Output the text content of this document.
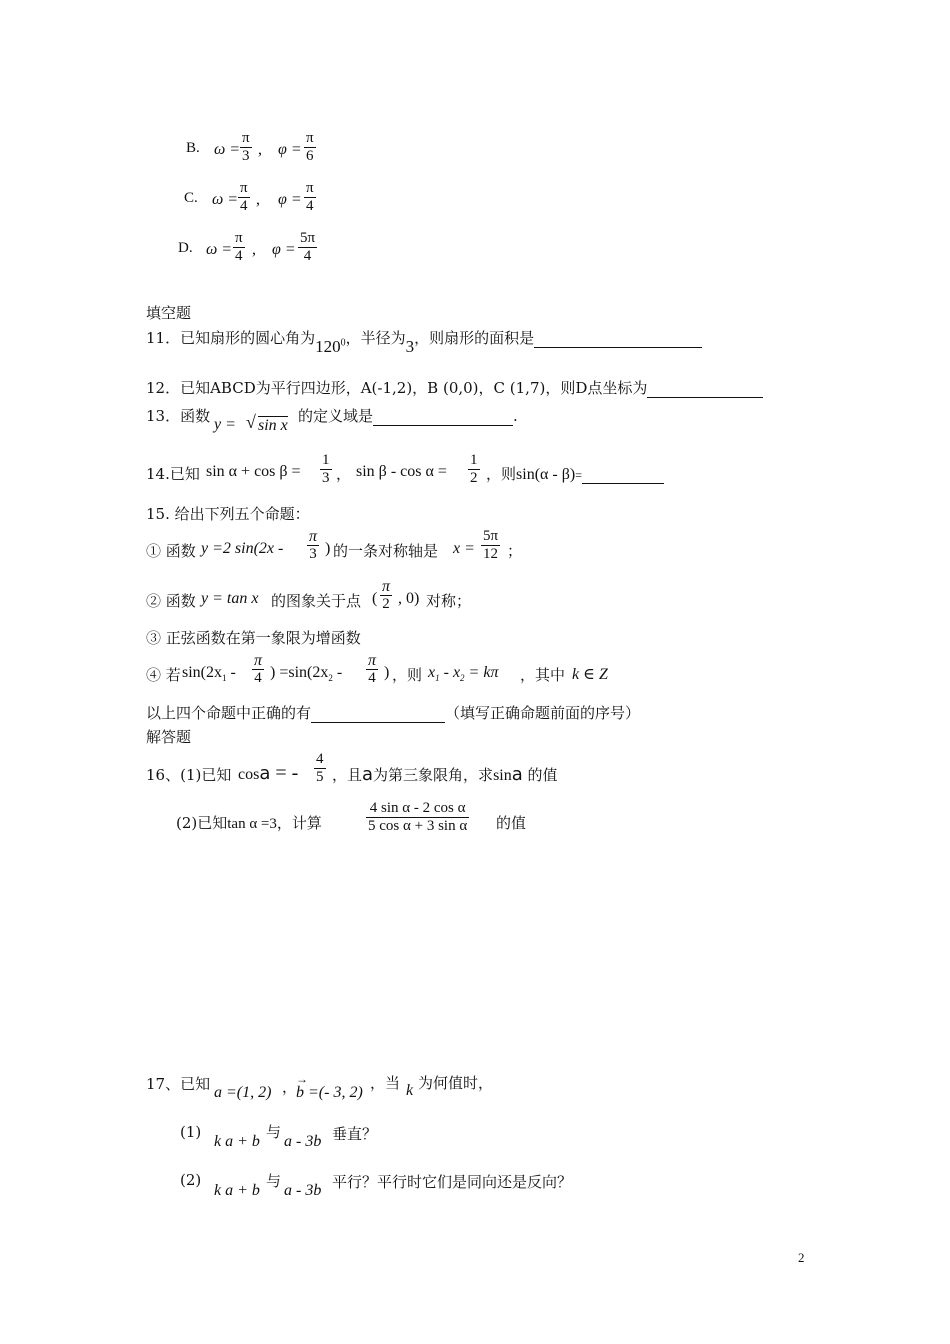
B. $\omega = \frac{\pi}{3}$ , $\varphi = \frac{\pi}{6}$
C. $\omega = \frac{\pi}{4}$ , $\varphi = \frac{\pi}{4}$
D. $\omega = \frac{\pi}{4}$ , $\varphi = \frac{5\pi}{4}$
填空题
11．已知扇形的圆心角为$120^0$，半径为3，则扇形的面积是
12．已知ABCD为平行四边形，A(-1,2)，B (0,0)，C (1,7)，则D点坐标为
13．函数 y = √ sin x
的定义域是	.
14.已知 $\sin \alpha + \cos \beta = \frac{1}{3}$ ， $\sin \beta - \cos \alpha = \frac{1}{2}$ ，则sin(α - β)=
15. 给出下列五个命题：
① 函数 y =2 $\sin(2x - \frac{\pi}{3}$ ) 的一条对称轴是 $x = \frac{5\pi}{12}$ ；
② 函数 y = tan x 的图象关于点 ( $\frac{\pi}{2}$ , 0) 对称；
③ 正弦函数在第一象限为增函数
④ 若 $\sin(2x_1 - \frac{\pi}{4}$ ) $=\sin(2x_2 - \frac{\pi}{4}$ ) ，则 $x_1 - x_2 = k\pi$ ，其中 k ∈ Z
以上四个命题中正确的有	（填写正确命题前面的序号）
解答题
16、(1)已知 cosa = - $\frac{4}{5}$ ，且a为第三象限角，求sina 的值
(2)已知tan α =3，计算	$\frac{\text{4 sin α - 2 cos α}}{\text{5 cos α + 3 sin α}}$ 的值
17、已知 a =(1, 2) ，
→
b =(- 3, 2)
，当 k 为何值时，
(1)
k a + b
与
a - 3b 垂直？
(2)
k a + b
与
a - 3b 平行？平行时它们是同向还是反向？
2
